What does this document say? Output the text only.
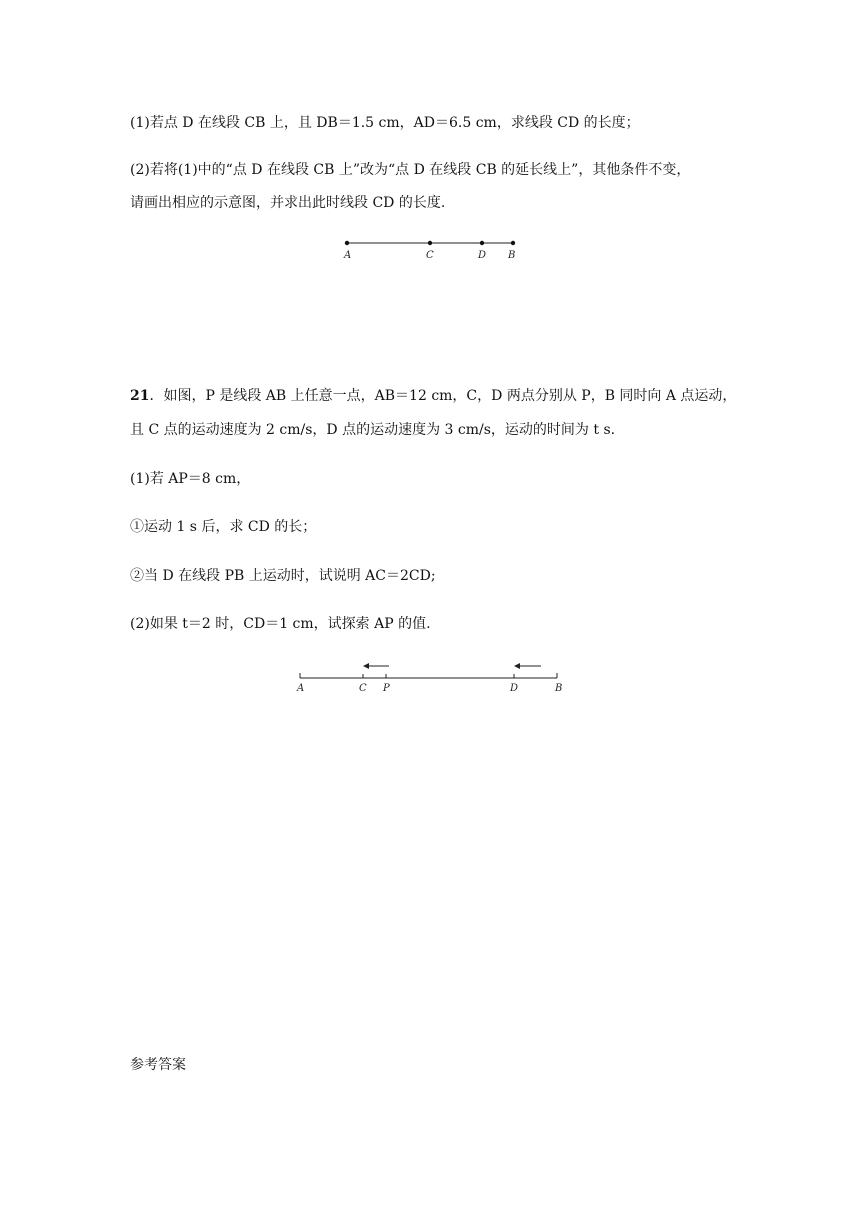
(1)若点 D 在线段 CB 上，且 DB＝1.5 cm，AD＝6.5 cm，求线段 CD 的长度；
(2)若将(1)中的“点 D 在线段 CB 上”改为“点 D 在线段 CB 的延长线上”，其他条件不变，
请画出相应的示意图，并求出此时线段 CD 的长度.
A	C	D B
A	C P	D	B
21．如图，P 是线段 AB 上任意一点，AB＝12 cm，C，D 两点分别从 P，B 同时向 A 点运动，
且 C 点的运动速度为 2 cm/s，D 点的运动速度为 3 cm/s，运动的时间为 t s.
(1)若 AP＝8 cm，
①运动 1 s 后，求 CD 的长；
②当 D 在线段 PB 上运动时，试说明 AC＝2CD;
(2)如果 t＝2 时，CD＝1 cm，试探索 AP 的值.
参考答案
